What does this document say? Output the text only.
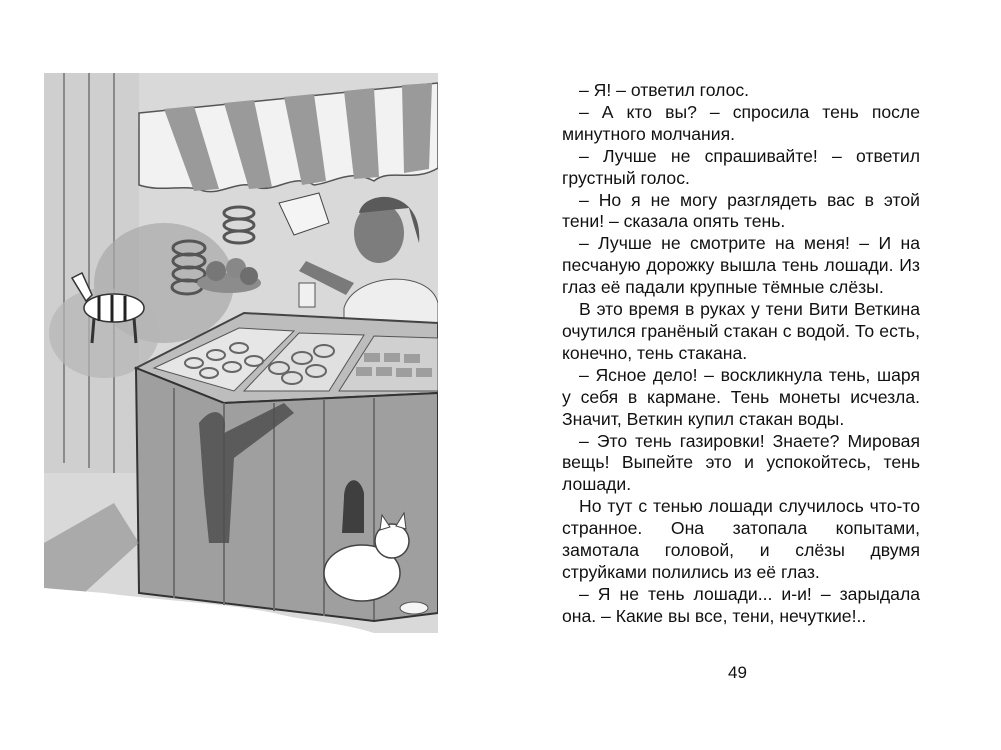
– Я! – ответил голос.

– А кто вы? – спросила тень после минутного молчания.

– Лучше не спрашивайте! – ответил грустный голос.

– Но я не могу разглядеть вас в этой тени! – сказала опять тень.

– Лучше не смотрите на меня! – И на песчаную дорожку вышла тень лошади. Из глаз её падали крупные тёмные слёзы.

В это время в руках у тени Вити Веткина очутился гранёный стакан с водой. То есть, конечно, тень стакана.

– Ясное дело! – воскликнула тень, шаря у себя в кармане. Тень монеты исчезла. Значит, Веткин купил стакан воды.

– Это тень газировки! Знаете? Мировая вещь! Выпейте это и успокойтесь, тень лошади.

Но тут с тенью лошади случилось что-то странное. Она затопала копытами, замотала головой, и слёзы двумя струйками полились из её глаз.

– Я не тень лошади... и-и! – зарыдала она. – Какие вы все, тени, нечуткие!..

49
